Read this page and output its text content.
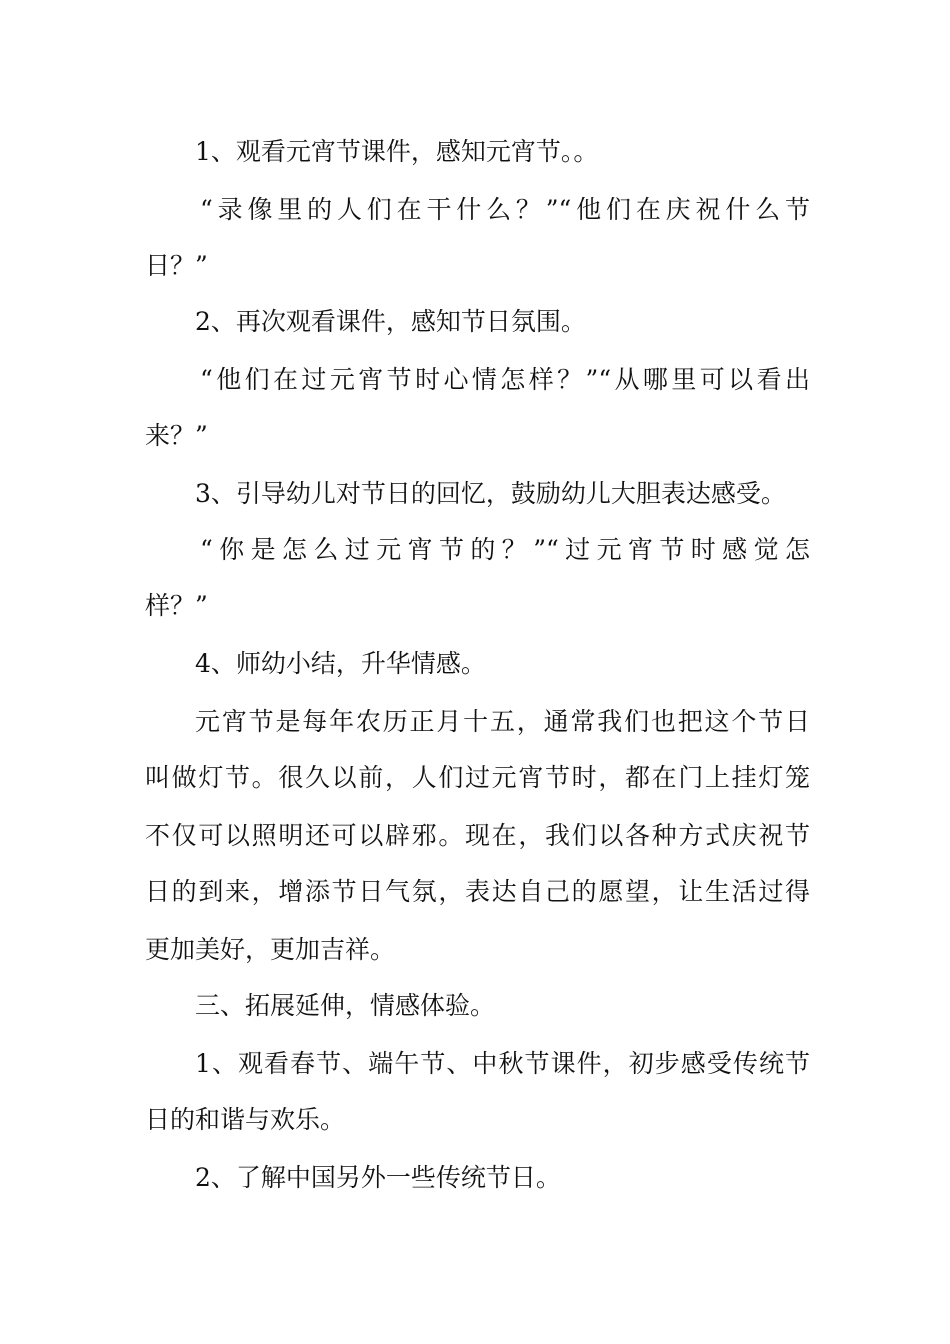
1、观看元宵节课件，感知元宵节。。
“录像里的人们在干什么？”“他们在庆祝什么节
日？”
2、再次观看课件，感知节日氛围。
“他们在过元宵节时心情怎样？”“从哪里可以看出
来？”
3、引导幼儿对节日的回忆，鼓励幼儿大胆表达感受。
“你是怎么过元宵节的？”“过元宵节时感觉怎
样？”
4、师幼小结，升华情感。
元宵节是每年农历正月十五，通常我们也把这个节日
叫做灯节。很久以前，人们过元宵节时，都在门上挂灯笼
不仅可以照明还可以辟邪。现在，我们以各种方式庆祝节
日的到来，增添节日气氛，表达自己的愿望，让生活过得
更加美好，更加吉祥。
三、拓展延伸，情感体验。
1、观看春节、端午节、中秋节课件，初步感受传统节
日的和谐与欢乐。
2、了解中国另外一些传统节日。
